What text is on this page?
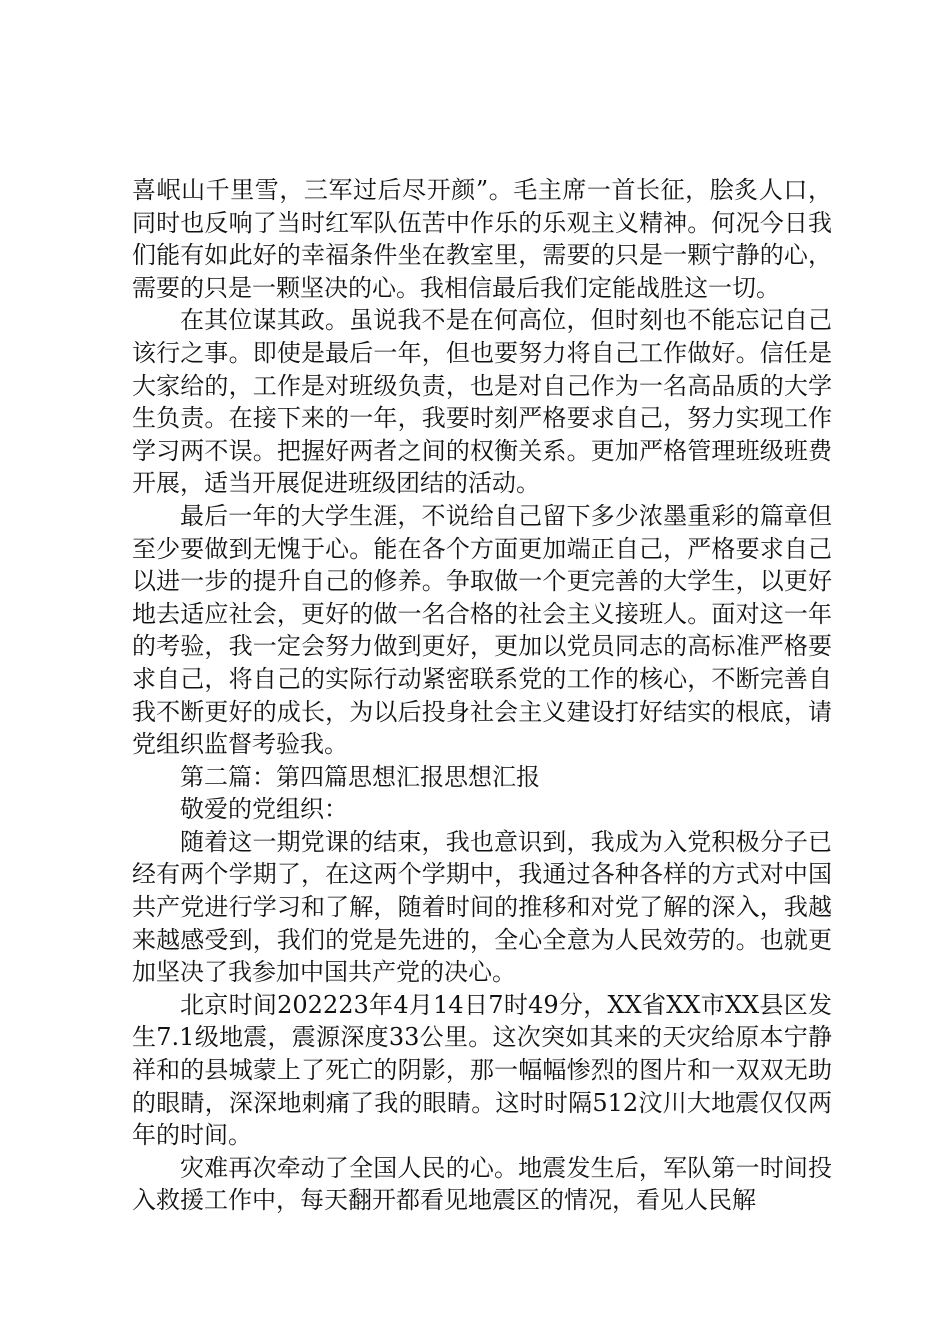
喜岷山千里雪，三军过后尽开颜”。毛主席一首长征，脍炙人口，同时也反响了当时红军队伍苦中作乐的乐观主义精神。何况今日我们能有如此好的幸福条件坐在教室里，需要的只是一颗宁静的心，需要的只是一颗坚决的心。我相信最后我们定能战胜这一切。

在其位谋其政。虽说我不是在何高位，但时刻也不能忘记自己该行之事。即使是最后一年，但也要努力将自己工作做好。信任是大家给的，工作是对班级负责，也是对自己作为一名高品质的大学生负责。在接下来的一年，我要时刻严格要求自己，努力实现工作学习两不误。把握好两者之间的权衡关系。更加严格管理班级班费开展，适当开展促进班级团结的活动。

最后一年的大学生涯，不说给自己留下多少浓墨重彩的篇章但至少要做到无愧于心。能在各个方面更加端正自己，严格要求自己以进一步的提升自己的修养。争取做一个更完善的大学生，以更好地去适应社会，更好的做一名合格的社会主义接班人。面对这一年的考验，我一定会努力做到更好，更加以党员同志的高标准严格要求自己，将自己的实际行动紧密联系党的工作的核心，不断完善自我不断更好的成长，为以后投身社会主义建设打好结实的根底，请党组织监督考验我。

第二篇：第四篇思想汇报思想汇报

敬爱的党组织：

随着这一期党课的结束，我也意识到，我成为入党积极分子已经有两个学期了，在这两个学期中，我通过各种各样的方式对中国共产党进行学习和了解，随着时间的推移和对党了解的深入，我越来越感受到，我们的党是先进的，全心全意为人民效劳的。也就更加坚决了我参加中国共产党的决心。

北京时间202223年4月14日7时49分，XX省XX市XX县区发生7.1级地震，震源深度33公里。这次突如其来的天灾给原本宁静祥和的县城蒙上了死亡的阴影，那一幅幅惨烈的图片和一双双无助的眼睛，深深地刺痛了我的眼睛。这时时隔512汶川大地震仅仅两年的时间。

灾难再次牵动了全国人民的心。地震发生后，军队第一时间投入救援工作中，每天翻开都看见地震区的情况，看见人民解
